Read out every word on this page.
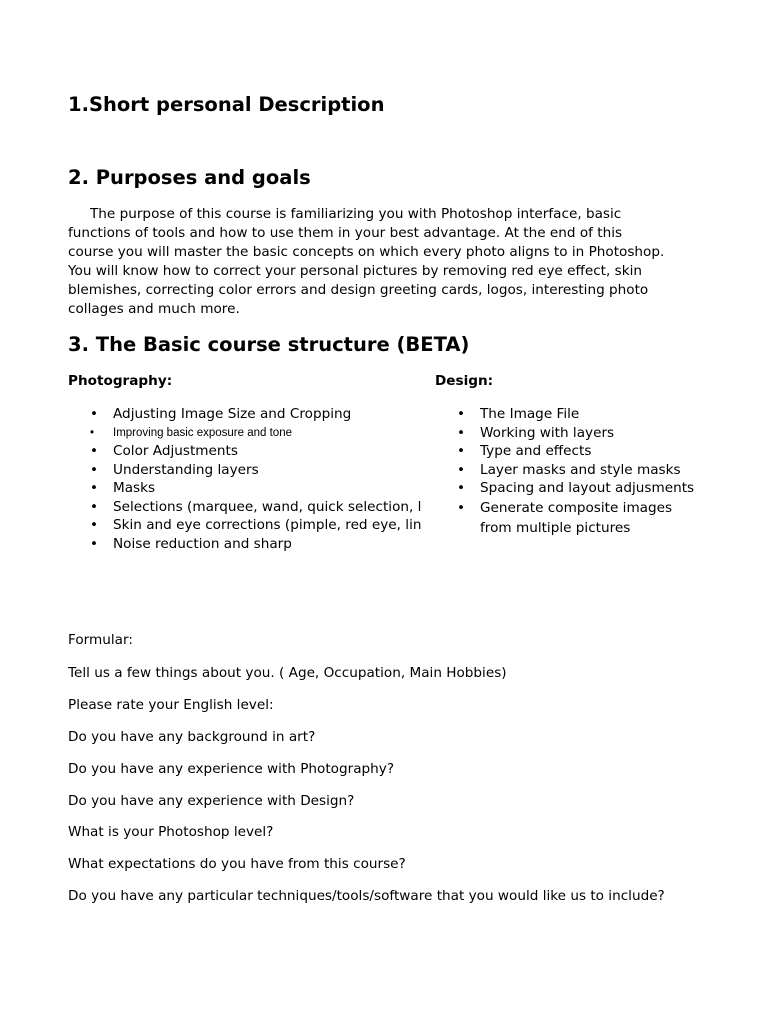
1.Short personal Description
2. Purposes and goals

The purpose of this course is familiarizing you with Photoshop interface, basic
functions of tools and how to use them in your best advantage. At the end of this
course you will master the basic concepts on which every photo aligns to in Photoshop.
You will know how to correct your personal pictures by removing red eye effect, skin
blemishes, correcting color errors and design greeting cards, logos, interesting photo
collages and much more.

3. The Basic course structure (BETA)

Photography:	Design:

• Adjusting Image Size and Cropping
• Improving basic exposure and tone
• Color Adjustments
• Understanding layers
• Masks
• Selections (marquee, wand, quick selection, l
• Skin and eye corrections (pimple, red eye, lin
• Noise reduction and sharp
• The Image File
• Working with layers
• Type and effects
• Layer masks and style masks
• Spacing and layout adjusments
• Generate composite images from multiple pictures

Formular:

Tell us a few things about you. ( Age, Occupation, Main Hobbies)

Please rate your English level:

Do you have any background in art?

Do you have any experience with Photography?

Do you have any experience with Design?

What is your Photoshop level?

What expectations do you have from this course?

Do you have any particular techniques/tools/software that you would like us to include?
